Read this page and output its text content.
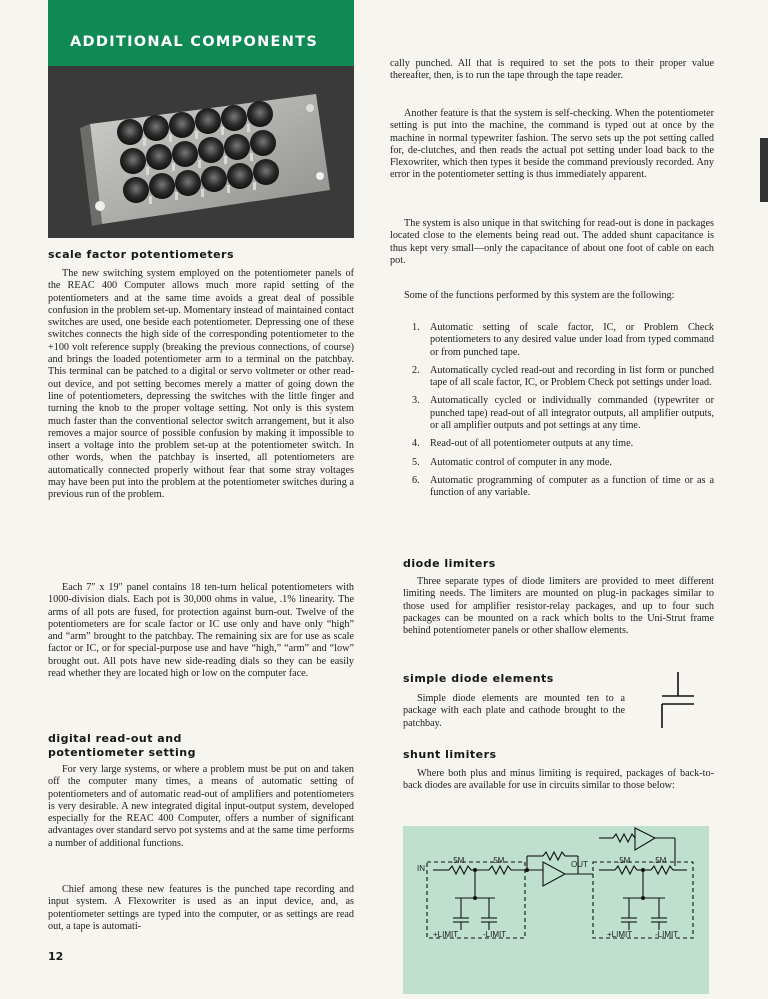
ADDITIONAL COMPONENTS
scale factor potentiometers

The new switching system employed on the potentiometer panels of the REAC 400 Computer allows much more rapid setting of the potentiometers and at the same time avoids a great deal of possible confusion in the problem set-up. Momentary instead of maintained contact switches are used, one beside each potentiometer. Depressing one of these switches connects the high side of the corresponding potentiometer to the +100 volt reference supply (breaking the previous connections, of course) and brings the loaded potentiometer arm to a terminal on the patchbay. This terminal can be patched to a digital or servo voltmeter or other read-out device, and pot setting becomes merely a matter of going down the line of potentiometers, depressing the switches with the little finger and turning the knob to the proper voltage setting. Not only is this system much faster than the conventional selector switch arrangement, but it also removes a major source of possible confusion by making it impossible to insert a voltage into the problem set-up at the potentiometer switch. In other words, when the patchbay is inserted, all potentiometers are automatically connected properly without fear that some stray voltages may have been put into the problem at the potentiometer switches during a previous run of the problem.

Each 7″ x 19″ panel contains 18 ten-turn helical potentiometers with 1000-division dials. Each pot is 30,000 ohms in value, .1% linearity. The arms of all pots are fused, for protection against burn-out. Twelve of the potentiometers are for scale factor or IC use only and have only “high” and “arm” brought to the patchbay. The remaining six are for use as scale factor or IC, or for special-purpose use and have “high,” “arm” and “low” brought out. All pots have new side-reading dials so they can be easily read whether they are located high or low on the computer face.

digital read-out and
potentiometer setting

For very large systems, or where a problem must be put on and taken off the computer many times, a means of automatic setting of potentiometers and of automatic read-out of amplifiers and potentiometers is very desirable. A new integrated digital input-output system, developed especially for the REAC 400 Computer, offers a number of significant advantages over standard servo pot systems and at the same time performs a number of additional functions.

Chief among these new features is the punched tape recording and input system. A Flexowriter is used as an input device, and, as potentiometer settings are typed into the computer, or as settings are read out, a tape is automati-

12

cally punched. All that is required to set the pots to their proper value thereafter, then, is to run the tape through the tape reader.

Another feature is that the system is self-checking. When the potentiometer setting is put into the machine, the command is typed out at once by the machine in normal typewriter fashion. The servo sets up the pot setting called for, de-clutches, and then reads the actual pot setting under load back to the Flexowriter, which then types it beside the command previously recorded. Any error in the potentiometer setting is thus immediately apparent.

The system is also unique in that switching for read-out is done in packages located close to the elements being read out. The added shunt capacitance is thus kept very small—only the capacitance of about one foot of cable on each pot.

Some of the functions performed by this system are the following:

1. Automatic setting of scale factor, IC, or Problem Check potentiometers to any desired value under load from typed command or from punched tape.
2. Automatically cycled read-out and recording in list form or punched tape of all scale factor, IC, or Problem Check pot settings under load.
3. Automatically cycled or individually commanded (typewriter or punched tape) read-out of all integrator outputs, all amplifier outputs, or all amplifier outputs and pot settings at any time.
4. Read-out of all potentiometer outputs at any time.
5. Automatic control of computer in any mode.
6. Automatic programming of computer as a function of time or as a function of any variable.
diode limiters

Three separate types of diode limiters are provided to meet different limiting needs. The limiters are mounted on plug-in packages similar to those used for amplifier resistor-relay packages, and up to four such packages can be mounted on a rack which bolts to the Uni-Strut frame behind potentiometer panels or other shallow elements.

simple diode elements

Simple diode elements are mounted ten to a package with each plate and cathode brought to the patchbay.

shunt limiters

Where both plus and minus limiting is required, packages of back-to-back diodes are available for use in circuits similar to those below:

IN
.5M	.5M	OUT	.5M	.5M
+LIMIT	-LIMIT	+LIMIT	-LIMIT
